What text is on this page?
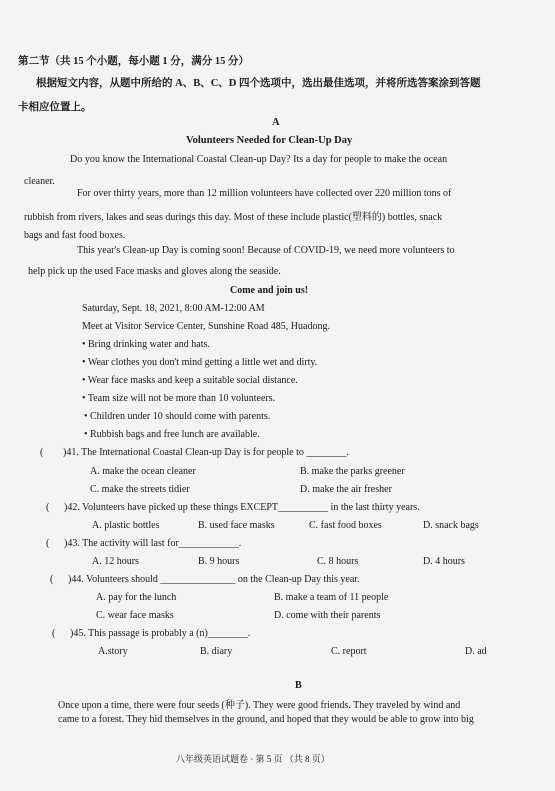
第二节（共 15 个小题，每小题 1 分，满分 15 分）
根据短文内容，从题中所给的 A、B、C、D 四个选项中，选出最佳选项，并将所选答案涂到答题
卡相应位置上。
A
Volunteers Needed for Clean-Up Day
Do you know the International Coastal Clean-up Day? Its a day for people to make the ocean
cleaner.
For over thirty years, more than 12 million volunteers have collected over 220 million tons of
rubbish from rivers, lakes and seas durings this day. Most of these include plastic(塑料的) bottles, snack
bags and fast food boxes.
This year's Clean-up Day is coming soon! Because of COVID-19, we need more volunteers to
help pick up the used Face masks and gloves along the seaside.
Come and join us!
Saturday, Sept. 18, 2021, 8:00 AM-12:00 AM
Meet at Visitor Service Center, Sunshine Road 485, Huadong.
• Bring drinking water and hats.
• Wear clothes you don't mind getting a little wet and dirty.
• Wear face masks and keep a suitable social distance.
• Team size will not be more than 10 volunteers.
• Children under 10 should come with parents.
• Rubbish bags and free lunch are available.
( )41. The International Coastal Clean-up Day is for people to ________.
A. make the ocean cleaner	B. make the parks greener
C. make the streets tidier	D. make the air fresher
( )42. Volunteers have picked up these things EXCEPT__________ in the last thirty years.
A. plastic bottles	B. used face masks	C. fast food boxes	D. snack bags
( )43. The activity will last for____________.
A. 12 hours	B. 9 hours	C. 8 hours	D. 4 hours
( )44. Volunteers should _______________ on the Clean-up Day this year.
A. pay for the lunch	B. make a team of 11 people
C. wear face masks	D. come with their parents
( )45. This passage is probably a (n)________.
A.story	B. diary	C. report	D. ad
B
Once upon a time, there were four seeds (种子). They were good friends. They traveled by wind and
came to a forest. They hid themselves in the ground, and hoped that they would be able to grow into big
八年级英语试题卷 · 第 5 页 （共 8 页）
